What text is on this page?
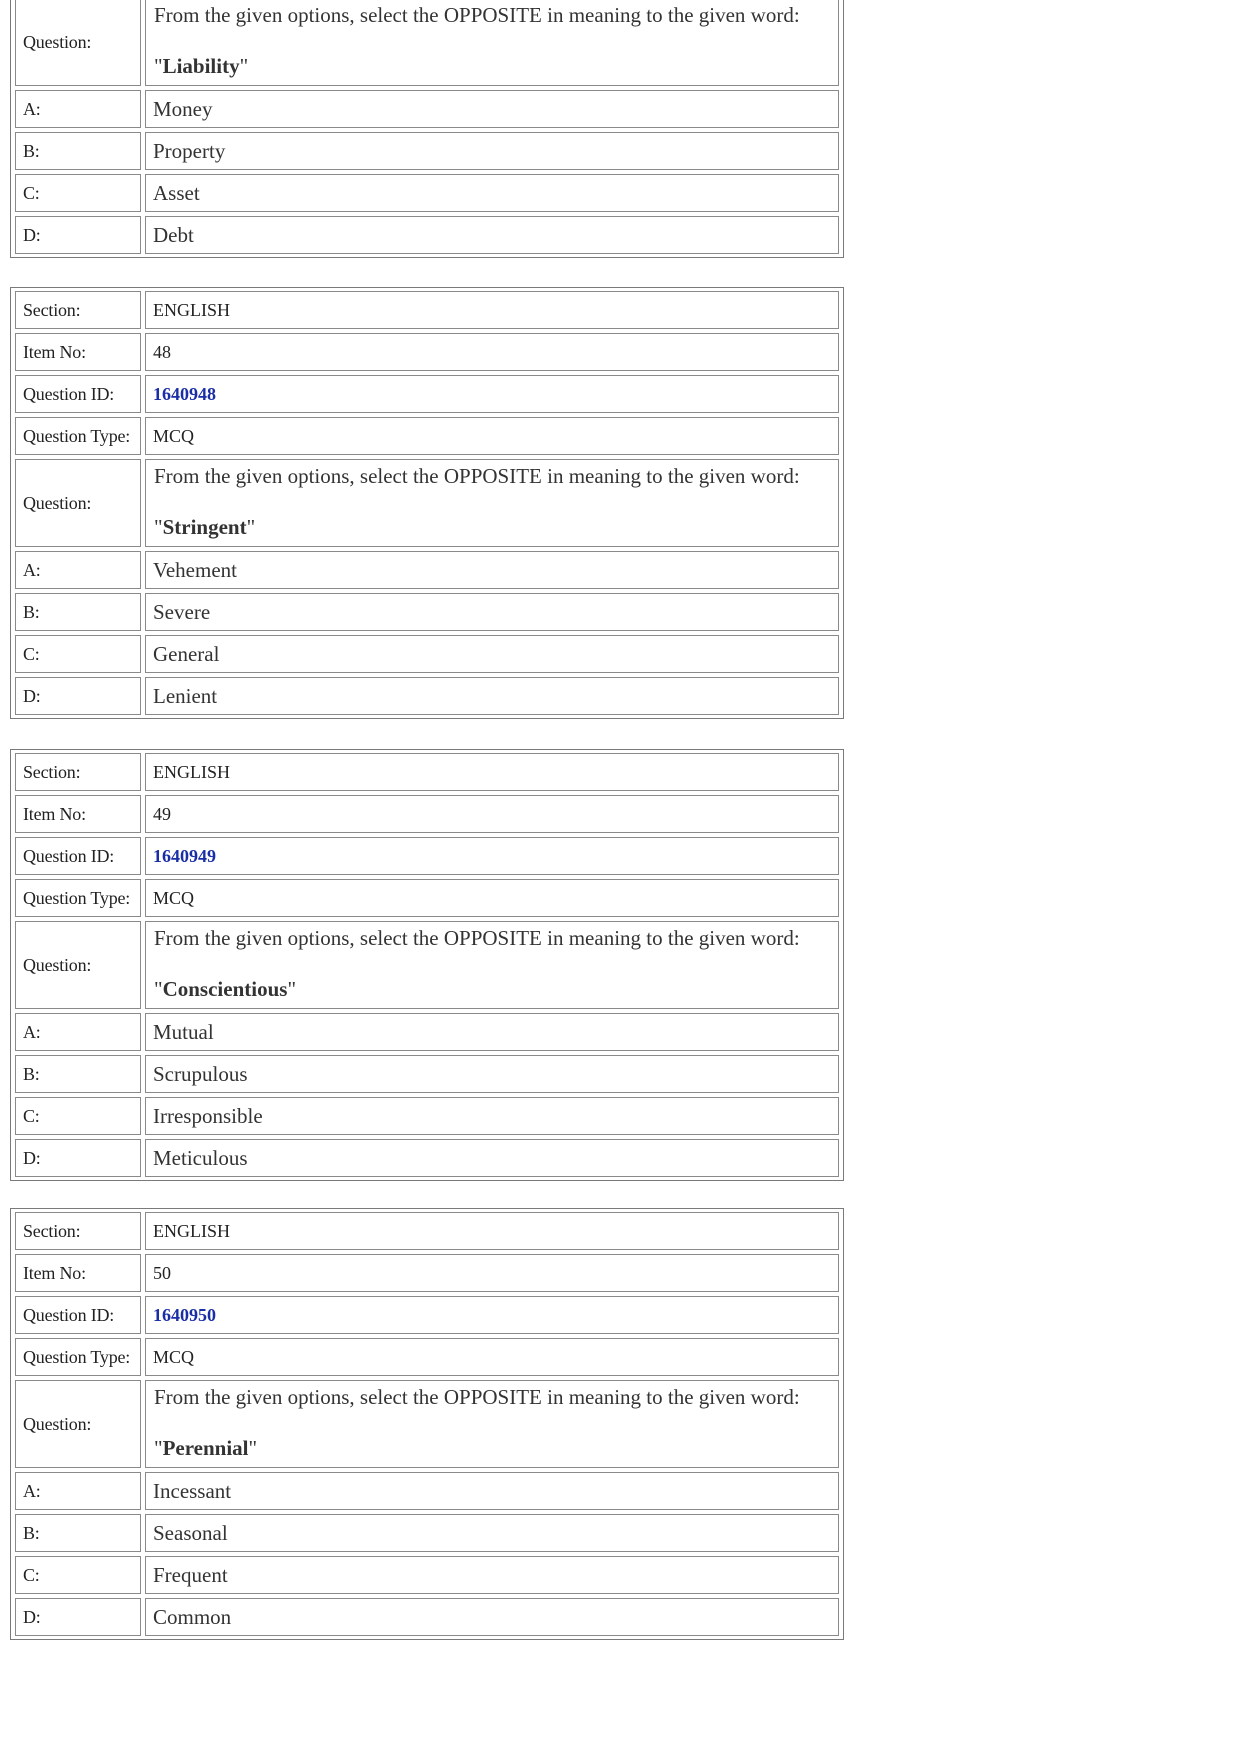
Question:
From the given options, select the OPPOSITE in meaning to the given word:
"Liability"
A:	Money
B:	Property
C:	Asset
D:	Debt
Section:	ENGLISH
Item No:	48
Question ID:	1640948
Question Type:	MCQ
Question:
From the given options, select the OPPOSITE in meaning to the given word:
"Stringent"
A:	Vehement
B:	Severe
C:	General
D:	Lenient
Section:	ENGLISH
Item No:	49
Question ID:	1640949
Question Type:	MCQ
Question:
From the given options, select the OPPOSITE in meaning to the given word:
"Conscientious"
A:	Mutual
B:	Scrupulous
C:	Irresponsible
D:	Meticulous
Section:	ENGLISH
Item No:	50
Question ID:	1640950
Question Type:	MCQ
Question:
From the given options, select the OPPOSITE in meaning to the given word:
"Perennial"
A:	Incessant
B:	Seasonal
C:	Frequent
D:	Common
